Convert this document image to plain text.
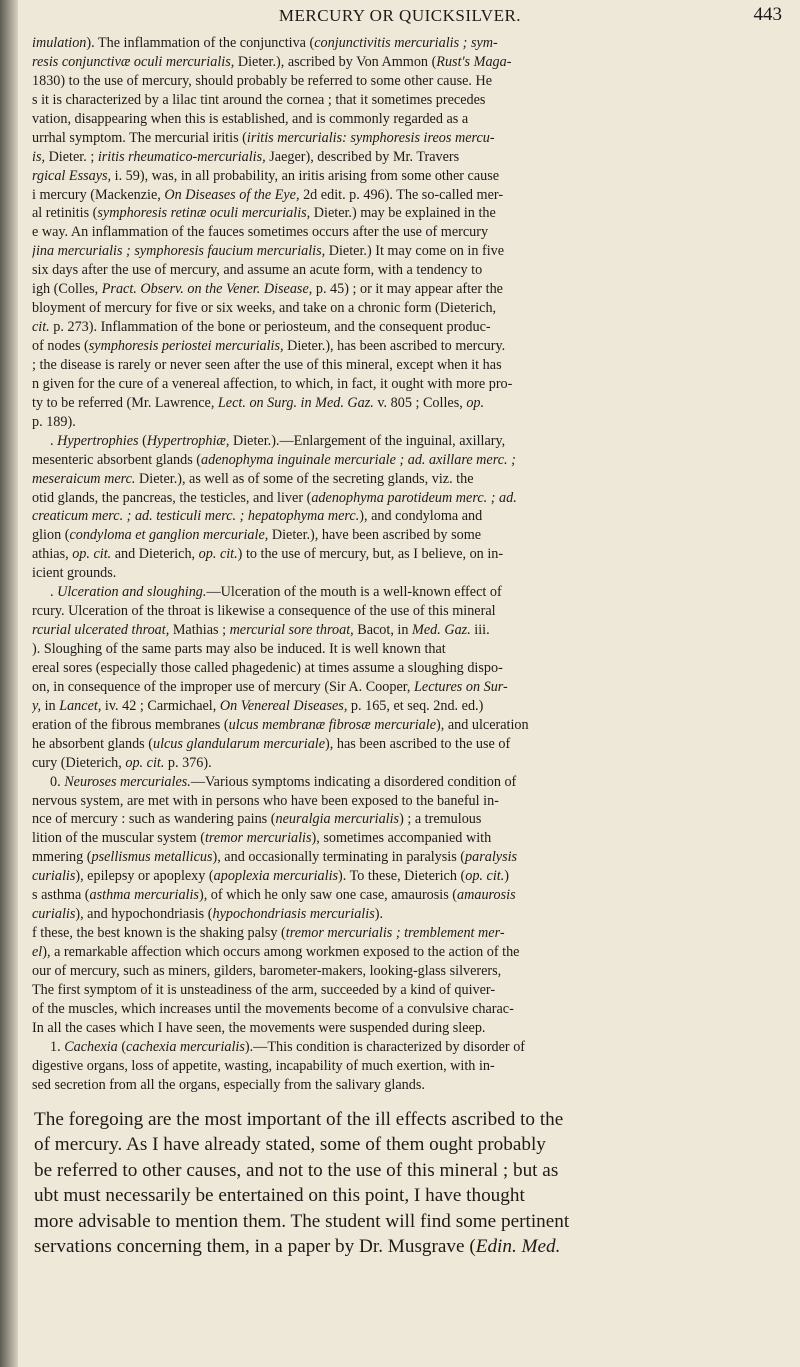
MERCURY OR QUICKSILVER.	443
imulation). The inflammation of the conjunctiva (conjunctivitis mercurialis ; sym-
resis conjunctivæ oculi mercurialis, Dieter.), ascribed by Von Ammon (Rust's Maga-
1830) to the use of mercury, should probably be referred to some other cause. He
s it is characterized by a lilac tint around the cornea ; that it sometimes precedes
vation, disappearing when this is established, and is commonly regarded as a
urrhal symptom. The mercurial iritis (iritis mercurialis: symphoresis ireos mercu-
is, Dieter. ; iritis rheumatico-mercurialis, Jaeger), described by Mr. Travers
rgical Essays, i. 59), was, in all probability, an iritis arising from some other cause
i mercury (Mackenzie, On Diseases of the Eye, 2d edit. p. 496). The so-called mer-
al retinitis (symphoresis retinæ oculi mercurialis, Dieter.) may be explained in the
e way. An inflammation of the fauces sometimes occurs after the use of mercury
jina mercurialis ; symphoresis faucium mercurialis, Dieter.) It may come on in five
six days after the use of mercury, and assume an acute form, with a tendency to
igh (Colles, Pract. Observ. on the Vener. Disease, p. 45) ; or it may appear after the
bloyment of mercury for five or six weeks, and take on a chronic form (Dieterich,
cit. p. 273). Inflammation of the bone or periosteum, and the consequent produc-
of nodes (symphoresis periostei mercurialis, Dieter.), has been ascribed to mercury.
; the disease is rarely or never seen after the use of this mineral, except when it has
n given for the cure of a venereal affection, to which, in fact, it ought with more pro-
ty to be referred (Mr. Lawrence, Lect. on Surg. in Med. Gaz. v. 805 ; Colles, op.
p. 189).
. Hypertrophies (Hypertrophiæ, Dieter.).—Enlargement of the inguinal, axillary,
mesenteric absorbent glands (adenophyma inguinale mercuriale ; ad. axillare merc. ;
meseraicum merc. Dieter.), as well as of some of the secreting glands, viz. the
otid glands, the pancreas, the testicles, and liver (adenophyma parotideum merc. ; ad.
creaticum merc. ; ad. testiculi merc. ; hepatophyma merc.), and condyloma and
glion (condyloma et ganglion mercuriale, Dieter.), have been ascribed by some
athias, op. cit. and Dieterich, op. cit.) to the use of mercury, but, as I believe, on in-
icient grounds.
. Ulceration and sloughing.—Ulceration of the mouth is a well-known effect of
rcury. Ulceration of the throat is likewise a consequence of the use of this mineral
rcurial ulcerated throat, Mathias ; mercurial sore throat, Bacot, in Med. Gaz. iii.
). Sloughing of the same parts may also be induced. It is well known that
ereal sores (especially those called phagedenic) at times assume a sloughing dispo-
on, in consequence of the improper use of mercury (Sir A. Cooper, Lectures on Sur-
y, in Lancet, iv. 42 ; Carmichael, On Venereal Diseases, p. 165, et seq. 2nd. ed.)
eration of the fibrous membranes (ulcus membranæ fibrosæ mercuriale), and ulceration
he absorbent glands (ulcus glandularum mercuriale), has been ascribed to the use of
cury (Dieterich, op. cit. p. 376).
0. Neuroses mercuriales.—Various symptoms indicating a disordered condition of
nervous system, are met with in persons who have been exposed to the baneful in-
nce of mercury : such as wandering pains (neuralgia mercurialis) ; a tremulous
lition of the muscular system (tremor mercurialis), sometimes accompanied with
mmering (psellismus metallicus), and occasionally terminating in paralysis (paralysis
curialis), epilepsy or apoplexy (apoplexia mercurialis). To these, Dieterich (op. cit.)
s asthma (asthma mercurialis), of which he only saw one case, amaurosis (amaurosis
curialis), and hypochondriasis (hypochondriasis mercurialis).
f these, the best known is the shaking palsy (tremor mercurialis ; tremblement mer-
el), a remarkable affection which occurs among workmen exposed to the action of the
our of mercury, such as miners, gilders, barometer-makers, looking-glass silverers,
The first symptom of it is unsteadiness of the arm, succeeded by a kind of quiver-
of the muscles, which increases until the movements become of a convulsive charac-
In all the cases which I have seen, the movements were suspended during sleep.
1. Cachexia (cachexia mercurialis).—This condition is characterized by disorder of
digestive organs, loss of appetite, wasting, incapability of much exertion, with in-
sed secretion from all the organs, especially from the salivary glands.
The foregoing are the most important of the ill effects ascribed to the
of mercury. As I have already stated, some of them ought probably
be referred to other causes, and not to the use of this mineral ; but as
ubt must necessarily be entertained on this point, I have thought
more advisable to mention them. The student will find some pertinent
servations concerning them, in a paper by Dr. Musgrave (Edin. Med.
